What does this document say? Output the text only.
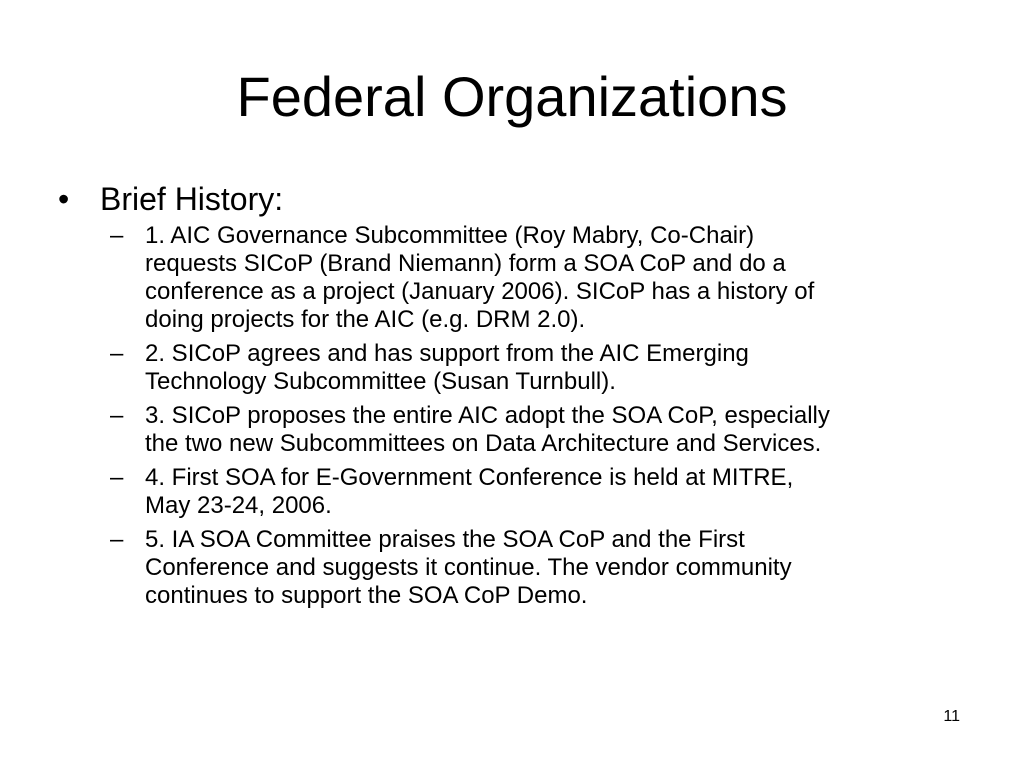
Federal Organizations
• Brief History:
– 1. AIC Governance Subcommittee (Roy Mabry, Co-Chair)
requests SICoP (Brand Niemann) form a SOA CoP and do a
conference as a project (January 2006). SICoP has a history of
doing projects for the AIC (e.g. DRM 2.0).
– 2. SICoP agrees and has support from the AIC Emerging
Technology Subcommittee (Susan Turnbull).
– 3. SICoP proposes the entire AIC adopt the SOA CoP, especially
the two new Subcommittees on Data Architecture and Services.
– 4. First SOA for E-Government Conference is held at MITRE,
May 23-24, 2006.
– 5. IA SOA Committee praises the SOA CoP and the First
Conference and suggests it continue. The vendor community
continues to support the SOA CoP Demo.
11
